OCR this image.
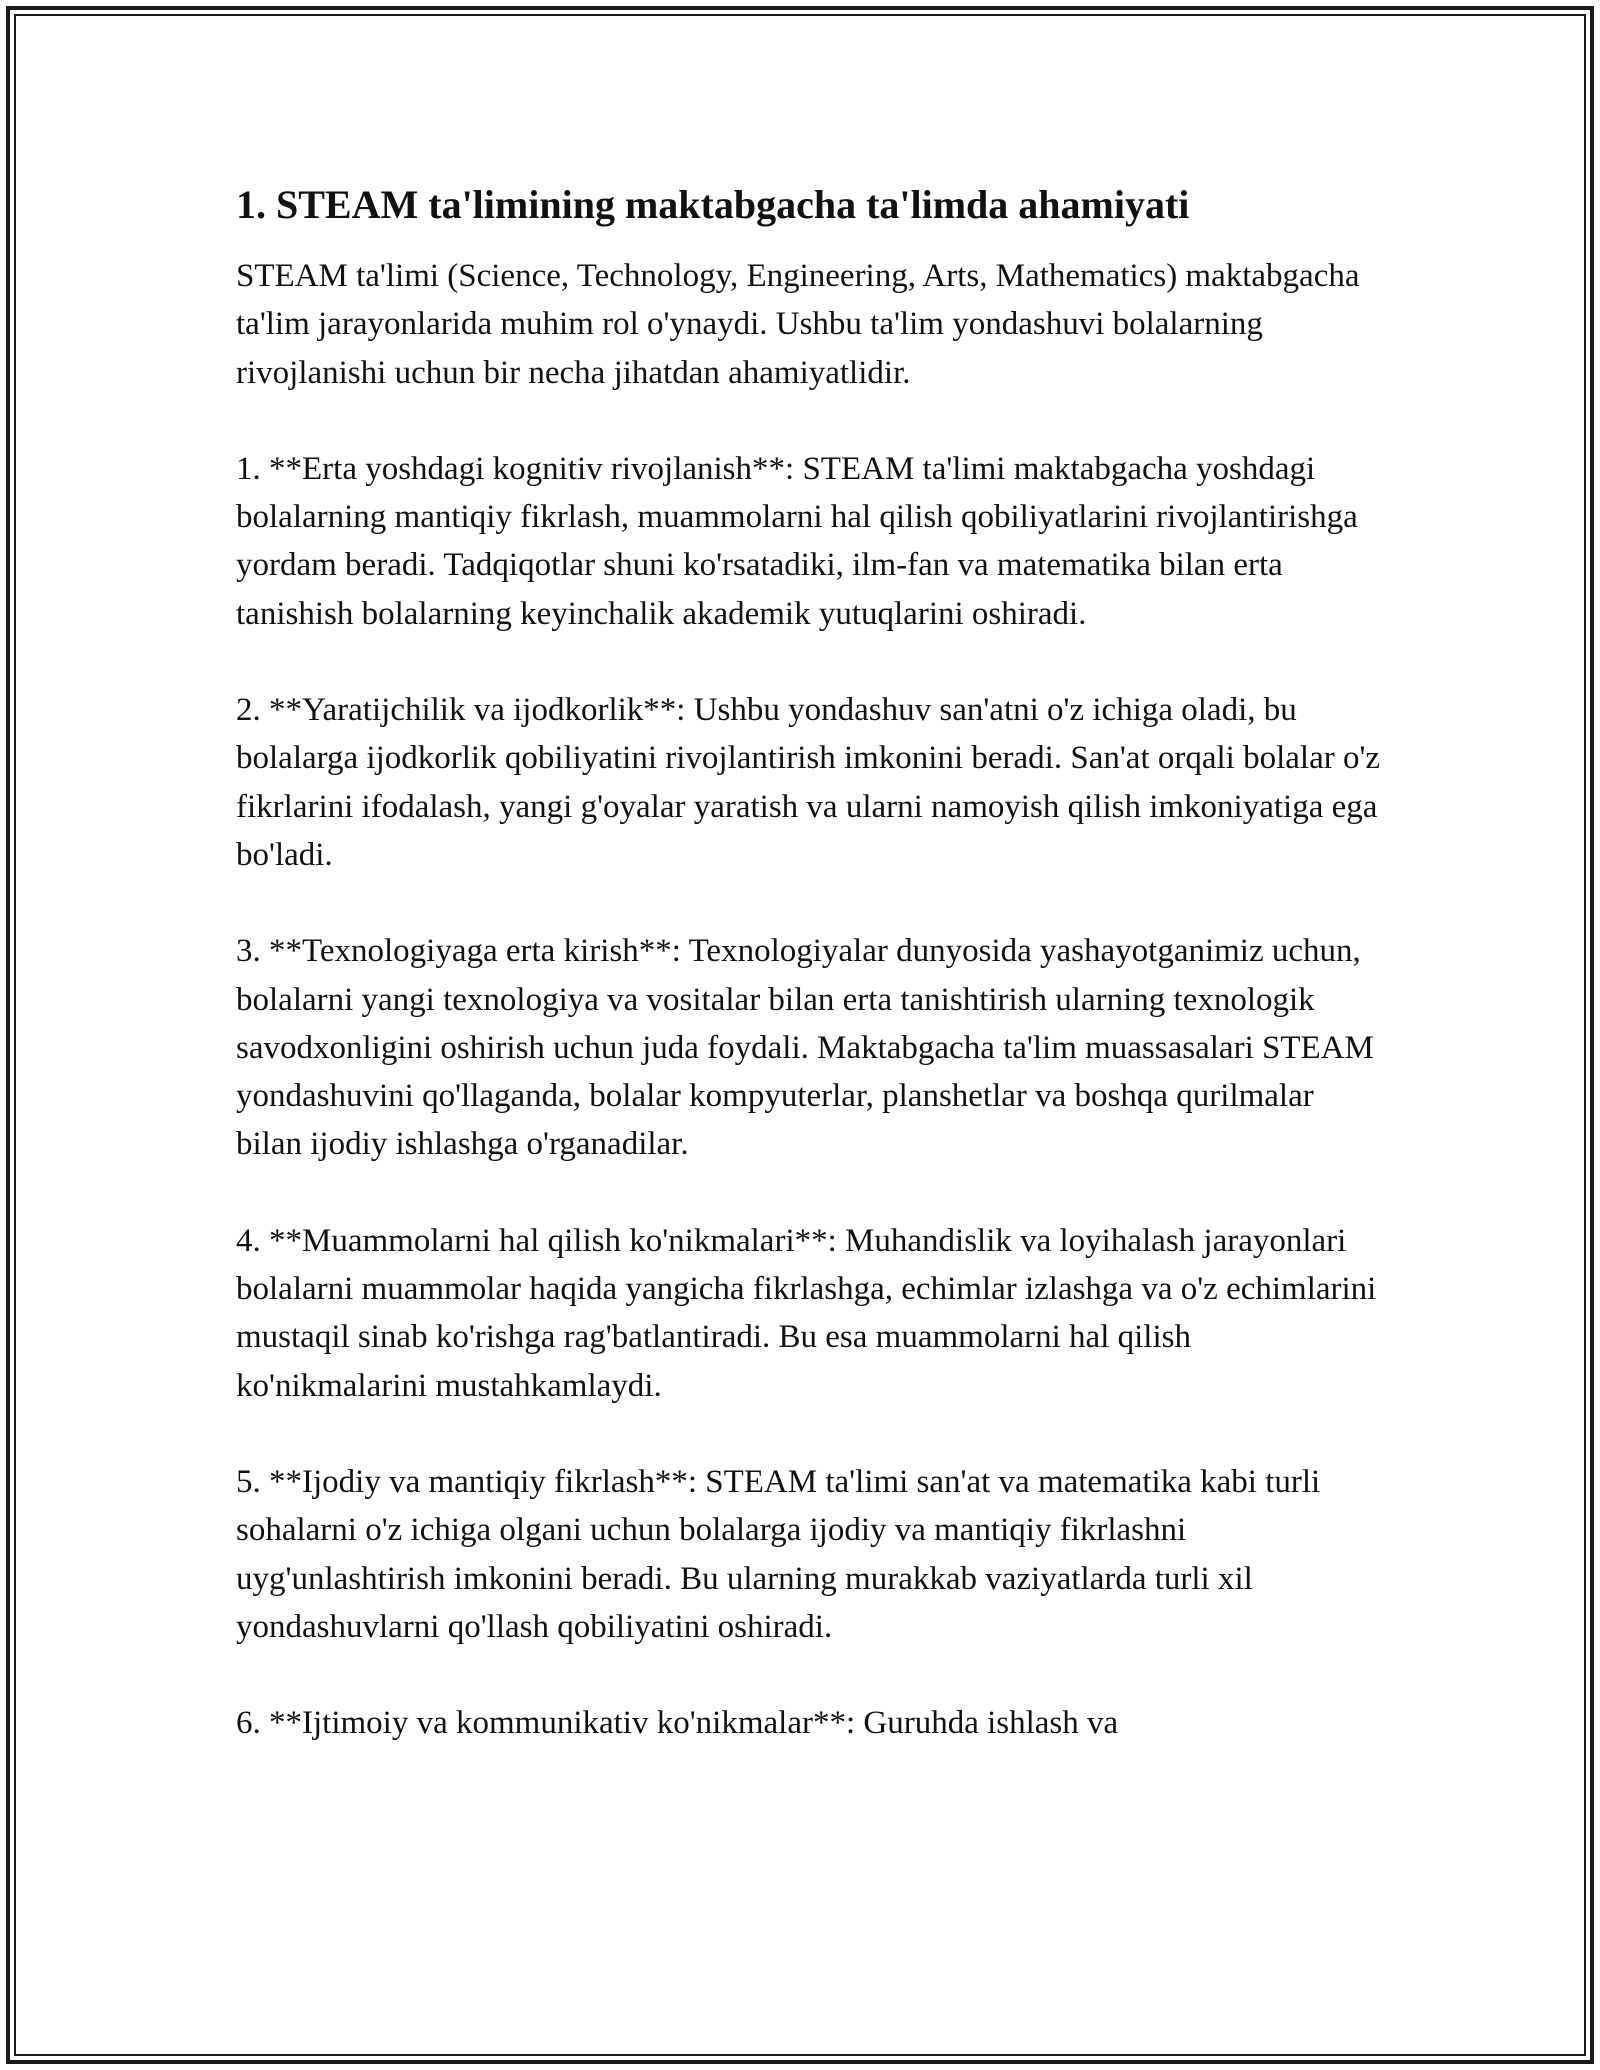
1. STEAM ta'limining maktabgacha ta'limda ahamiyati

STEAM ta'limi (Science, Technology, Engineering, Arts, Mathematics) maktabgacha ta'lim jarayonlarida muhim rol o'ynaydi. Ushbu ta'lim yondashuvi bolalarning rivojlanishi uchun bir necha jihatdan ahamiyatlidir.

1. **Erta yoshdagi kognitiv rivojlanish**: STEAM ta'limi maktabgacha yoshdagi bolalarning mantiqiy fikrlash, muammolarni hal qilish qobiliyatlarini rivojlantirishga yordam beradi. Tadqiqotlar shuni ko'rsatadiki, ilm-fan va matematika bilan erta tanishish bolalarning keyinchalik akademik yutuqlarini oshiradi.

2. **Yaratijchilik va ijodkorlik**: Ushbu yondashuv san'atni o'z ichiga oladi, bu bolalarga ijodkorlik qobiliyatini rivojlantirish imkonini beradi. San'at orqali bolalar o'z fikrlarini ifodalash, yangi g'oyalar yaratish va ularni namoyish qilish imkoniyatiga ega bo'ladi.

3. **Texnologiyaga erta kirish**: Texnologiyalar dunyosida yashayotganimiz uchun, bolalarni yangi texnologiya va vositalar bilan erta tanishtirish ularning texnologik savodxonligini oshirish uchun juda foydali. Maktabgacha ta'lim muassasalari STEAM yondashuvini qo'llaganda, bolalar kompyuterlar, planshetlar va boshqa qurilmalar bilan ijodiy ishlashga o'rganadilar.

4. **Muammolarni hal qilish ko'nikmalari**: Muhandislik va loyihalash jarayonlari bolalarni muammolar haqida yangicha fikrlashga, echimlar izlashga va o'z echimlarini mustaqil sinab ko'rishga rag'batlantiradi. Bu esa muammolarni hal qilish ko'nikmalarini mustahkamlaydi.

5. **Ijodiy va mantiqiy fikrlash**: STEAM ta'limi san'at va matematika kabi turli sohalarni o'z ichiga olgani uchun bolalarga ijodiy va mantiqiy fikrlashni uyg'unlashtirish imkonini beradi. Bu ularning murakkab vaziyatlarda turli xil yondashuvlarni qo'llash qobiliyatini oshiradi.

6. **Ijtimoiy va kommunikativ ko'nikmalar**: Guruhda ishlash va
